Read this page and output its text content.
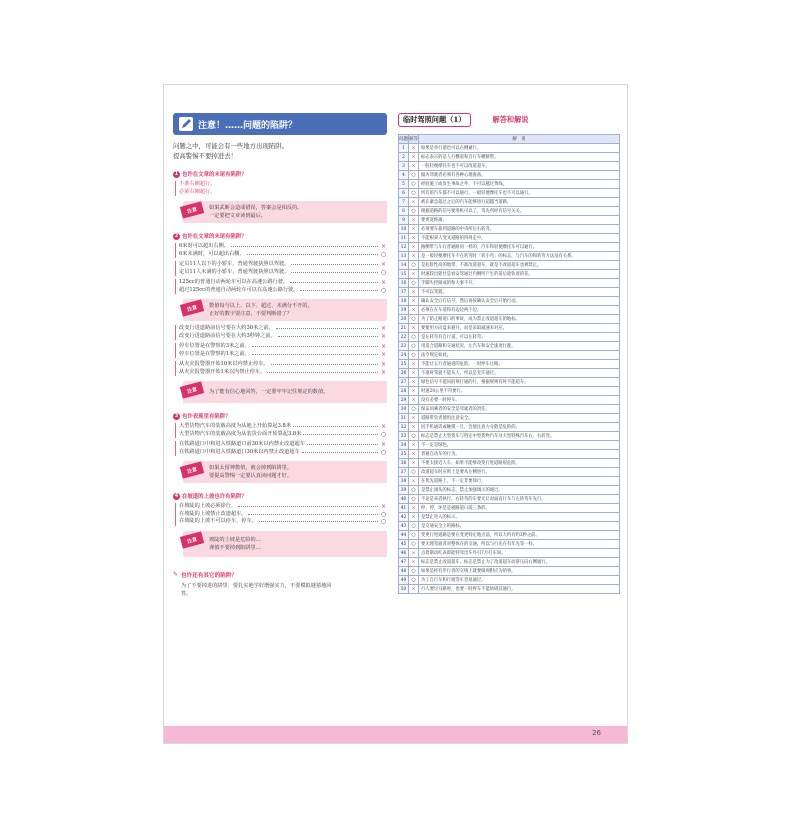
注意！……问题的陷阱？
问题之中，可能会有一些地方出现陷阱。
提高警惕不要掉进去！
1 也许在文章的末尾有陷阱？
不准右侧超行。
必须右侧超行。
注意	如果武断会造成错误，答案会是相反的。
一定要把文章读到最后。
2 也许在文章的末尾有陷阱？
6米时可以超出右侧。	×
6米未满时，可以超出右侧。	○
定员11人以下的小轿车，普通驾驶执照以驾驶。	×
定员11人未满的小轿车，普通驾驶执照以驾驶。	○
125cc的普通自动两轮车可以在高速公路行驶。	×
超过125cc的普通自动两轮车可以在高速公路行驶。	○
注意	数值每与以上、以下、超过、未满分不开的。
正好的数字要注意，不要判断错了？
改变行进道路前信号要在大约30米之前。	×
改变行进道路前信号要在大约3秒钟之前。	×
停车位置是在警察的3米之前。	×
停车位置是在警察的1米之前。	×
从火灾报警器开始10米以内禁止停车。	×
从火灾报警器开始1米以内禁止停车。	×
注意	为了能有信心地回答，一定要牢牢记住规定的数值。
3 也许表现里有陷阱？
大型货物汽车的装载高度为从地上开始算起3.8米	×
大型货物汽车的装载高度为从装货台面开始算起3.8米	○
在铁路道口中和进入铁路道口前30米以内禁止改道超车	×
在铁路道口中和进入铁路道口30米以内禁止改道超车	○
注意	如果太留神数值，就会掉到陷阱里。
要提高警惕一定要认真读问题才好。
4 在坡道的上坡也许有陷阱？
在坡陡的上坡必须徐行。	×
在坡陡的上坡禁止改道超车。	○
在坡陡的上坡不可以停车、停车。	○
注意	坡陡的上坡是危险的…
谨慎不要掉到陷阱里…
✎ 也许还有其它的陷阱？
为了不要掉进的阱里，要扎实地学好增强实力，不要模拟谜猜地回
答。
临时驾照问题（1）	解答和解说
问题	解答	解　说
1	×	如果是单行道也可以右侧通行。
2	×	标志表示的是人行横道和自行车横断带。
3	×	一般轻便摩托车也不可以改道超车。
4	○	做为驾驶者必须有各种心理准备。
5	○	经验施工或发生事故之外，不可以越过黄线。
6	○	所有的汽车都不可以通行，一般轻便摩托车也不可以通行。
7	×	被在紧急超过之后的汽车能够进行超越当道路。
8	○	根据道路的信号要进机可以了，驾先所经有信号关关。
9	×	要更宽距离。
10	×	必须要车靠到道路的中央所后右转弯。
11	×	不能根拿人变叉道路的四周走中。
12	×	路侧带与车行普通路同一样的，汽车和轻便摩托车可以通行。
13	×	是一般轻便摩托车不在转弯时「转小弯」的标志，与汽车的和转弯方法没有关系。
14	○	是危险性高的地带，不准改道超车，就是不改道超车也被禁止。
15	×	时速较出轮社是看安驾通过内侧所产生的前后轮轨迹的差。
16	○	手脚失控做成的和大事不开。
17	×	不可以驾驶。
18	×	确认安全后打信号，然后再按确认安全后开始行动。
19	×	必须在在车道和有边边两个边。
20	○	为了防止路道口的事故，成为禁止改道超车的地标。
21	×	要使用方向盘来避开，而是采取减速来对应。
22	○	是左转弯有自行道，可以左转弯。
23	○	用适合道路和交通状况，左汽车和安全速度行驶。
24	○	法令规定如此。
25	×	不能让五行者通道的危险，一时停车让路。
26	×	不准时驾驶不能从人，所以是允许通过。
27	×	绿色信号不能问的规行通的行，根据规则有时不能超车。
28	×	时速20公里不符要行。
29	×	没有必要一时停车。
30	○	保证同乘者的安全是驾驶者的责任。
31	×	道路带负责使用注意安全。
32	×	因手机通话或触摸一旦，会使注意力分散是危险的。
33	○	标志是禁止大型货车与特定中型货物汽车及大型特殊汽车右、右转弯。
34	×	不一定是绿色。
35	×	普通自动车的行为。
36	×	不要太接近人车，如果不能够改变行进道路很危险。
37	○	改道超车时应则上是要从左侧进行。
38	×	在优先道路上，不一定非要徐行。
39	○	是禁止调头的标志，禁止加强调示的通过。
40	○	不论是来者执行，右转弯的车要无让对面直行车与左转弯车先行。
41	×	停、停、环是是驶路道口前三条的。
42	×	是禁止进入的标示。
43	○	是交通安全上的路标。
44	○	变更行进道路是要在变更特定地点前，所以大约有约3秒之前。
45	○	要无理驾驶者对整体在的交通，所以与行先在有年先等一样。
46	×	点着制动红表即能特驾出车外引7月打车间。
47	×	标志是禁止改道超车，标志是禁止为了改道超车而挤压向右侧通行。
48	○	如果是经有步行者的交统上就要做规附应为的事。
49	○	为了自行车和行驶等车容易通过。
50	×	行人要过马路时，也要一时停车不能妨碍其通行。
26
